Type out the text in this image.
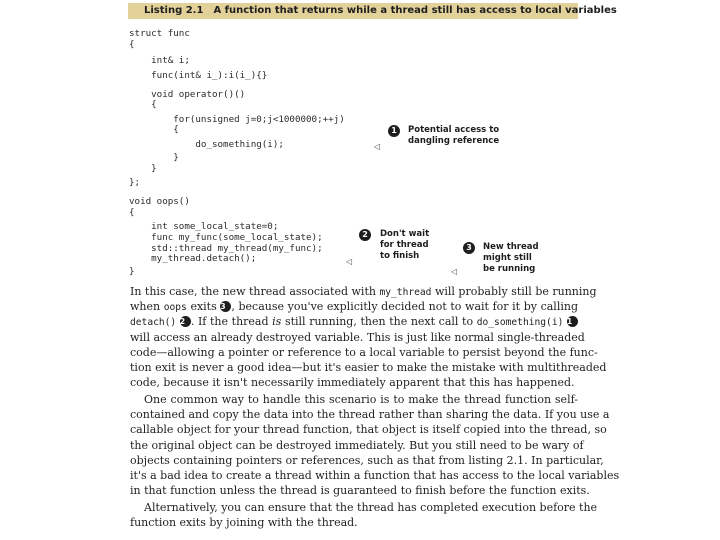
Listing 2.1 A function that returns while a thread still has access to local variables
struct func
{
int& i;
func(int& i_):i(i_){}
void operator()()
{
for(unsigned j=0;j<1000000;++j)
{
do_something(i);
}
}
};
void oops()
{
int some_local_state=0;
func my_func(some_local_state);
std::thread my_thread(my_func);
my_thread.detach();
}
1	Potential access to
dangling reference
◁
2	Don't wait
for thread
to finish
◁
3	New thread
might still
be running
◁
In this case, the new thread associated with my_thread will probably still be running
when oops exits 3 , because you've explicitly decided not to wait for it by calling
detach() 2 . If the thread is still running, then the next call to do_something(i) 1
will access an already destroyed variable. This is just like normal single-threaded
code—allowing a pointer or reference to a local variable to persist beyond the func-
tion exit is never a good idea—but it's easier to make the mistake with multithreaded
code, because it isn't necessarily immediately apparent that this has happened.
One common way to handle this scenario is to make the thread function self-
contained and copy the data into the thread rather than sharing the data. If you use a
callable object for your thread function, that object is itself copied into the thread, so
the original object can be destroyed immediately. But you still need to be wary of
objects containing pointers or references, such as that from listing 2.1. In particular,
it's a bad idea to create a thread within a function that has access to the local variables
in that function unless the thread is guaranteed to finish before the function exits.
Alternatively, you can ensure that the thread has completed execution before the
function exits by joining with the thread.
